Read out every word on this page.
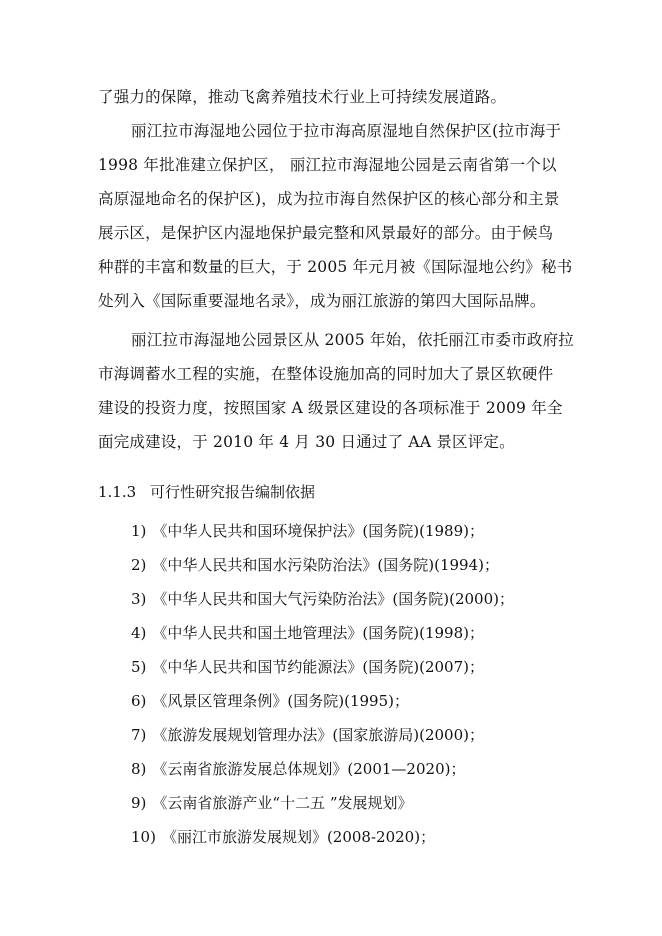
了强力的保障，推动飞禽养殖技术行业上可持续发展道路。
丽江拉市海湿地公园位于拉市海高原湿地自然保护区(拉市海于
1998 年批准建立保护区， 丽江拉市海湿地公园是云南省第一个以
高原湿地命名的保护区)，成为拉市海自然保护区的核心部分和主景
展示区，是保护区内湿地保护最完整和风景最好的部分。由于候鸟
种群的丰富和数量的巨大，于 2005 年元月被《国际湿地公约》秘书
处列入《国际重要湿地名录》，成为丽江旅游的第四大国际品牌。
丽江拉市海湿地公园景区从 2005 年始，依托丽江市委市政府拉
市海调蓄水工程的实施，在整体设施加高的同时加大了景区软硬件
建设的投资力度，按照国家 A 级景区建设的各项标准于 2009 年全
面完成建设，于 2010 年 4 月 30 日通过了 AA 景区评定。
1.1.3 可行性研究报告编制依据
1) 《中华人民共和国环境保护法》(国务院)(1989)；
2) 《中华人民共和国水污染防治法》(国务院)(1994)；
3) 《中华人民共和国大气污染防治法》(国务院)(2000)；
4) 《中华人民共和国土地管理法》(国务院)(1998)；
5) 《中华人民共和国节约能源法》(国务院)(2007)；
6) 《风景区管理条例》(国务院)(1995)；
7) 《旅游发展规划管理办法》(国家旅游局)(2000)；
8) 《云南省旅游发展总体规划》(2001—2020)；
9) 《云南省旅游产业“十二五 ”发展规划》
10) 《丽江市旅游发展规划》(2008-2020)；
